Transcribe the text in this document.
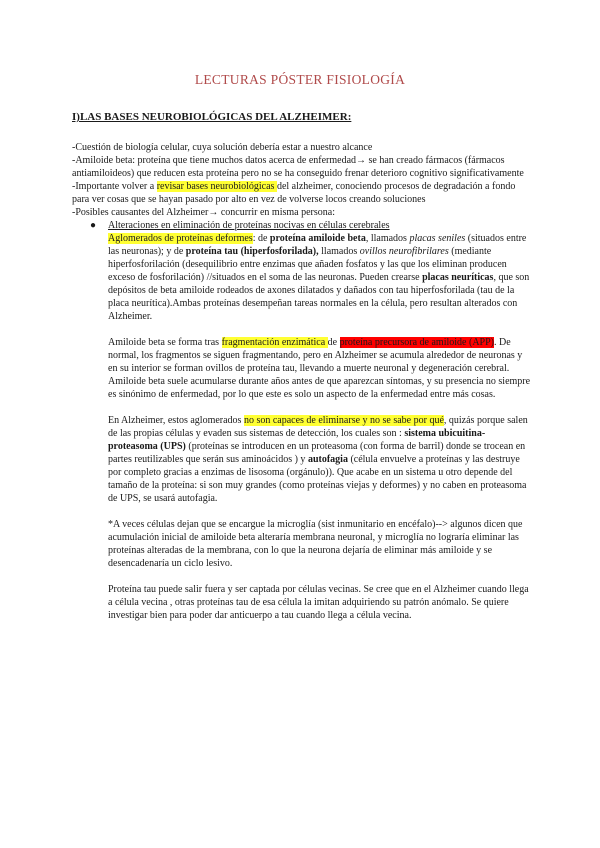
LECTURAS PÓSTER FISIOLOGÍA
I)LAS BASES NEUROBIOLÓGICAS DEL ALZHEIMER:

-Cuestión de biología celular, cuya solución debería estar a nuestro alcance

-Amiloide beta: proteína que tiene muchos datos acerca de enfermedad→ se han creado fármacos (fármacos antiamiloideos) que reducen esta proteína pero no se ha conseguido frenar deterioro cognitivo significativamente

-Importante volver a revisar bases neurobiológicas del alzheimer, conociendo procesos de degradación a fondo para ver cosas que se hayan pasado por alto en vez de volverse locos creando soluciones

-Posibles causantes del Alzheimer→ concurrir en misma persona:

● Alteraciones en eliminación de proteínas nocivas en células cerebrales

Aglomerados de proteínas deformes: de proteína amiloide beta, llamados placas seniles (situados entre las neuronas); y de proteína tau (hiperfosforilada), llamados ovillos neurofibrilares (mediante hiperfosforilación (desequilibrio entre enzimas que añaden fosfatos y las que los eliminan producen exceso de fosforilación) //situados en el soma de las neuronas. Pueden crearse placas neuríticas, que son depósitos de beta amiloide rodeados de axones dilatados y dañados con tau hiperfosforilada (tau de la placa neurítica).Ambas proteínas desempeñan tareas normales en la célula, pero resultan alterados con Alzheimer.

Amiloide beta se forma tras fragmentación enzimática de proteína precursora de amiloide (APP). De normal, los fragmentos se siguen fragmentando, pero en Alzheimer se acumula alrededor de neuronas y en su interior se forman ovillos de proteína tau, llevando a muerte neuronal y degeneración cerebral. Amiloide beta suele acumularse durante años antes de que aparezcan síntomas, y su presencia no siempre es sinónimo de enfermedad, por lo que este es solo un aspecto de la enfermedad entre más cosas.

En Alzheimer, estos aglomerados no son capaces de eliminarse y no se sabe por qué, quizás porque salen de las propias células y evaden sus sistemas de detección, los cuales son : sistema ubicuitina-proteasoma (UPS) (proteínas se introducen en un proteasoma (con forma de barril) donde se trocean en partes reutilizables que serán sus aminoácidos ) y autofagia (célula envuelve a proteínas y las destruye por completo gracias a enzimas de lisosoma (orgánulo)). Que acabe en un sistema u otro depende del tamaño de la proteína: si son muy grandes (como proteínas viejas y deformes) y no caben en proteasoma de UPS, se usará autofagia.

*A veces células dejan que se encargue la microglía (sist inmunitario en encéfalo)--> algunos dicen que acumulación inicial de amiloide beta alteraría membrana neuronal, y microglía no lograría eliminar las proteínas alteradas de la membrana, con lo que la neurona dejaría de eliminar más amiloide y se desencadenaría un ciclo lesivo.

Proteína tau puede salir fuera y ser captada por células vecinas. Se cree que en el Alzheimer cuando llega a célula vecina , otras proteínas tau de esa célula la imitan adquiriendo su patrón anómalo. Se quiere investigar bien para poder dar anticuerpo a tau cuando llega a célula vecina.
